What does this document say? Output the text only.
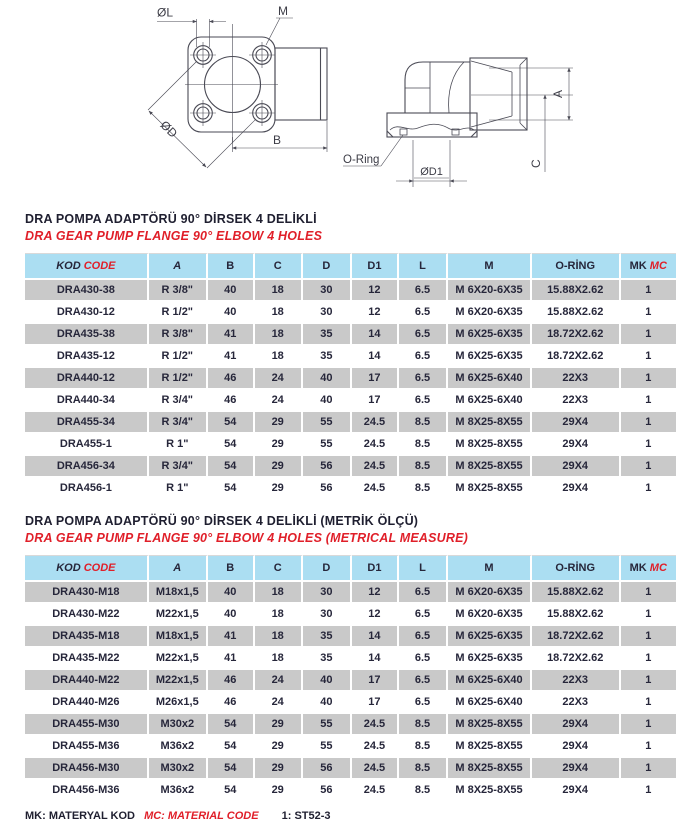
ØL	M
ØD	B
O-Ring
ØD1
A
C
DRA POMPA ADAPTÖRÜ 90° DİRSEK 4 DELİKLİ
DRA GEAR PUMP FLANGE 90° ELBOW 4 HOLES
KOD CODE	A	B	C	D	D1	L	M	O-RİNG	MK MC
DRA430-38	R 3/8"	40	18	30	12	6.5	M 6X20-6X35	15.88X2.62	1
DRA430-12	R 1/2"	40	18	30	12	6.5	M 6X20-6X35	15.88X2.62	1
DRA435-38	R 3/8"	41	18	35	14	6.5	M 6X25-6X35	18.72X2.62	1
DRA435-12	R 1/2"	41	18	35	14	6.5	M 6X25-6X35	18.72X2.62	1
DRA440-12	R 1/2"	46	24	40	17	6.5	M 6X25-6X40	22X3	1
DRA440-34	R 3/4"	46	24	40	17	6.5	M 6X25-6X40	22X3	1
DRA455-34	R 3/4"	54	29	55	24.5	8.5	M 8X25-8X55	29X4	1
DRA455-1	R 1"	54	29	55	24.5	8.5	M 8X25-8X55	29X4	1
DRA456-34	R 3/4"	54	29	56	24.5	8.5	M 8X25-8X55	29X4	1
DRA456-1	R 1"	54	29	56	24.5	8.5	M 8X25-8X55	29X4	1
DRA POMPA ADAPTÖRÜ 90° DİRSEK 4 DELİKLİ (METRİK ÖLÇÜ)
DRA GEAR PUMP FLANGE 90° ELBOW 4 HOLES (METRICAL MEASURE)
KOD CODE	A	B	C	D	D1	L	M	O-RİNG	MK MC
DRA430-M18	M18x1,5	40	18	30	12	6.5	M 6X20-6X35	15.88X2.62	1
DRA430-M22	M22x1,5	40	18	30	12	6.5	M 6X20-6X35	15.88X2.62	1
DRA435-M18	M18x1,5	41	18	35	14	6.5	M 6X25-6X35	18.72X2.62	1
DRA435-M22	M22x1,5	41	18	35	14	6.5	M 6X25-6X35	18.72X2.62	1
DRA440-M22	M22x1,5	46	24	40	17	6.5	M 6X25-6X40	22X3	1
DRA440-M26	M26x1,5	46	24	40	17	6.5	M 6X25-6X40	22X3	1
DRA455-M30	M30x2	54	29	55	24.5	8.5	M 8X25-8X55	29X4	1
DRA455-M36	M36x2	54	29	55	24.5	8.5	M 8X25-8X55	29X4	1
DRA456-M30	M30x2	54	29	56	24.5	8.5	M 8X25-8X55	29X4	1
DRA456-M36	M36x2	54	29	56	24.5	8.5	M 8X25-8X55	29X4	1
MK: MATERYAL KOD MC: MATERIAL CODE 1: ST52-3
